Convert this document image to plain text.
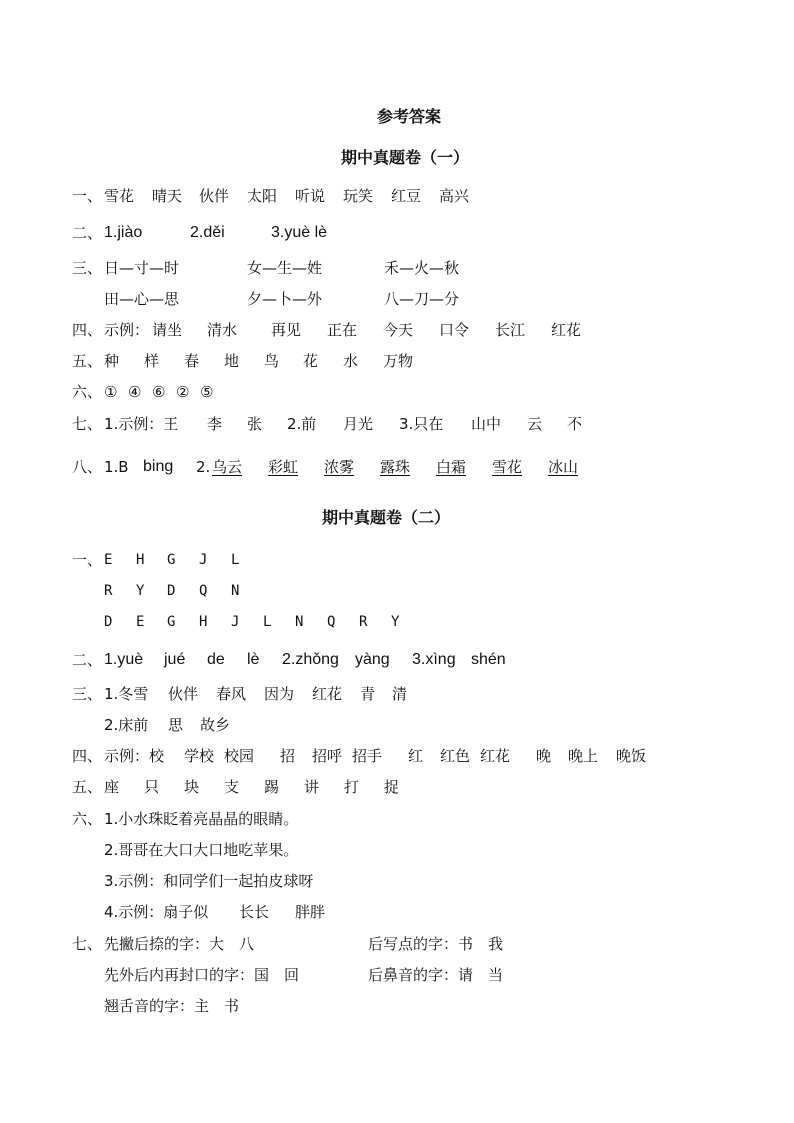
参考答案
期中真题卷（一）
一、 雪花 晴天 伙伴 太阳 听说 玩笑 红豆 高兴
二、 1.jiào	2.děi	3.yuè lè
三、 日—寸—时	女—生—姓	禾—火—秋
田—心—思	夕—卜—外	八—刀—分
四、 示例： 请坐 清水 再见 正在 今天 口令 长江 红花
五、 种 样 春 地 鸟 花 水 万物
六、 ① ④ ⑥ ② ⑤
七、 1.示例：王 李 张 2.前 月光 3.只在 山中 云 不
八、 1.B bing 2. 乌云 彩虹 浓雾 露珠 白霜 雪花 冰山
期中真题卷（二）
一、 E H G J L
R Y D Q N
D E G H J L N Q R Y
二、 1.yuè jué de lè 2.zhǒng yàng 3.xìng shén
三、 1.冬雪 伙伴 春风 因为 红花 青 清
2.床前 思 故乡
四、 示例：校 学校 校园 招 招呼 招手 红 红色 红花 晚 晚上 晚饭
五、 座 只 块 支 踢 讲 打 捉
六、 1.小水珠眨着亮晶晶的眼睛。
2.哥哥在大口大口地吃苹果。
3.示例：和同学们一起拍皮球呀
4.示例：扇子似 长长 胖胖
七、 先撇后捺的字：大　八	后写点的字：书　我
先外后内再封口的字：国　回	后鼻音的字：请　当
翘舌音的字：主　书
